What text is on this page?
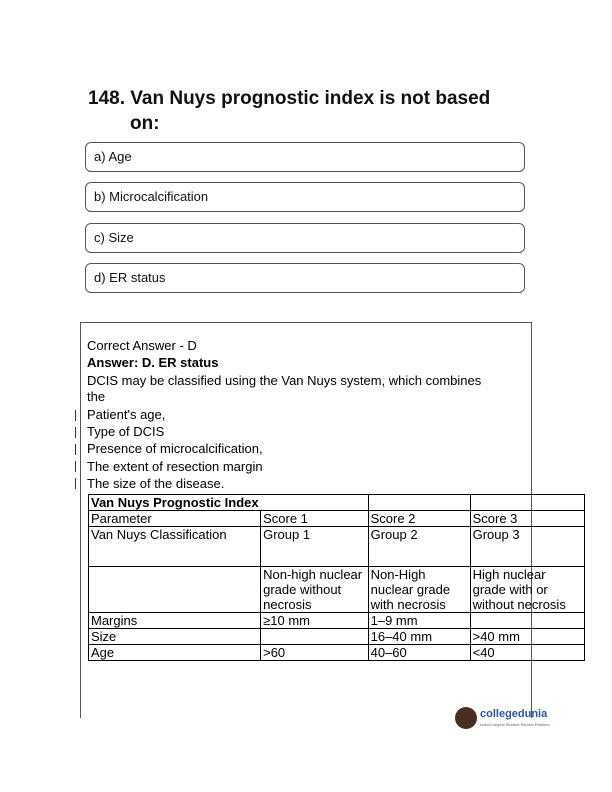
148. Van Nuys prognostic index is not based
on:
a) Age
b) Microcalcification
c) Size
d) ER status
Correct Answer - D
Answer: D. ER status
DCIS may be classified using the Van Nuys system, which combines
the
Patient's age,
Type of DCIS
Presence of microcalcification,
The extent of resection margin
The size of the disease.
Van Nuys Prognostic Index			
Parameter	Score 1	Score 2	Score 3
Van Nuys Classification	Group 1	Group 2	Group 3
	Non-high nuclear grade without necrosis	Non-High nuclear grade with necrosis	High nuclear grade with or without necrosis
Margins	≥10 mm	1–9 mm	
Size		16–40 mm	>40 mm
Age	>60	40–60	<40
collegedunia
India's largest Student Review Platform
